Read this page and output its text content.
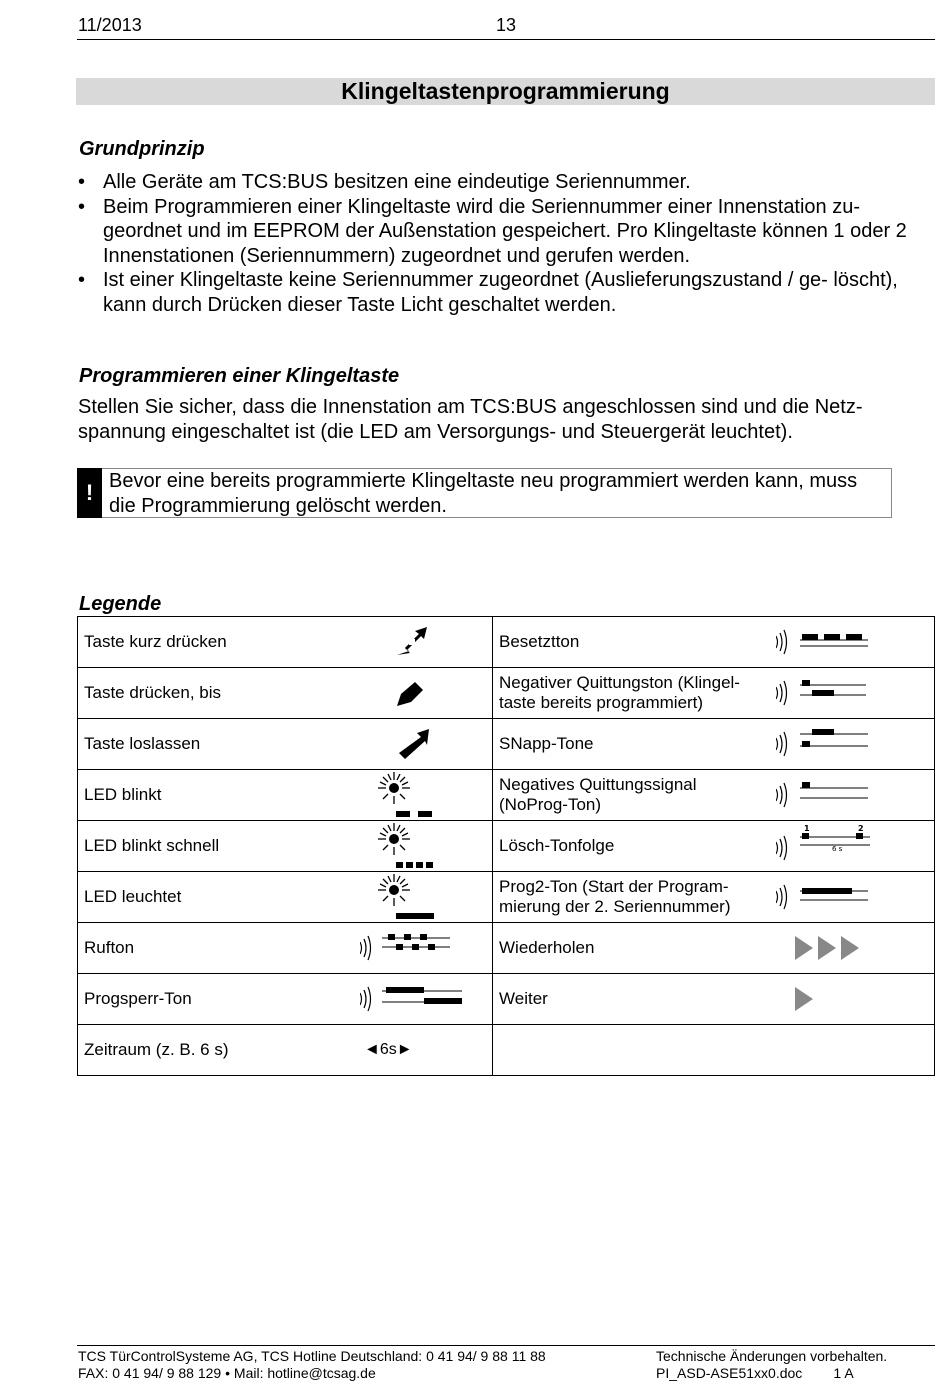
11/2013	13
Klingeltastenprogrammierung
Grundprinzip
• Alle Geräte am TCS:BUS besitzen eine eindeutige Seriennummer.
• Beim Programmieren einer Klingeltaste wird die Seriennummer einer Innenstation zu- geordnet und im EEPROM der Außenstation gespeichert. Pro Klingeltaste können 1 oder 2 Innenstationen (Seriennummern) zugeordnet und gerufen werden.
• Ist einer Klingeltaste keine Seriennummer zugeordnet (Auslieferungszustand / ge- löscht), kann durch Drücken dieser Taste Licht geschaltet werden.
Programmieren einer Klingeltaste
Stellen Sie sicher, dass die Innenstation am TCS:BUS angeschlossen sind und die Netz- spannung eingeschaltet ist (die LED am Versorgungs- und Steuergerät leuchtet).
! Bevor eine bereits programmierte Klingeltaste neu programmiert werden kann, muss die Programmierung gelöscht werden.
Legende
Taste kurz drücken	Besetztton

Taste drücken, bis	Negativer Quittungston (Klingel- taste bereits programmiert)

Taste loslassen	SNapp-Tone

LED blinkt	Negatives Quittungssignal (NoProg-Ton)

LED blinkt schnell	Lösch-Tonfolge
1 2
6 s

LED leuchtet	Prog2-Ton (Start der Program- mierung der 2. Seriennummer)

Rufton	Wiederholen

Progsperr-Ton	Weiter

Zeitraum (z. B. 6 s) ◄6s►	

TCS TürControlSysteme AG, TCS Hotline Deutschland: 0 41 94/ 9 88 11 88
FAX: 0 41 94/ 9 88 129 • Mail: hotline@tcsag.de
Technische Änderungen vorbehalten.
PI_ASD-ASE51xx0.doc        1 A
